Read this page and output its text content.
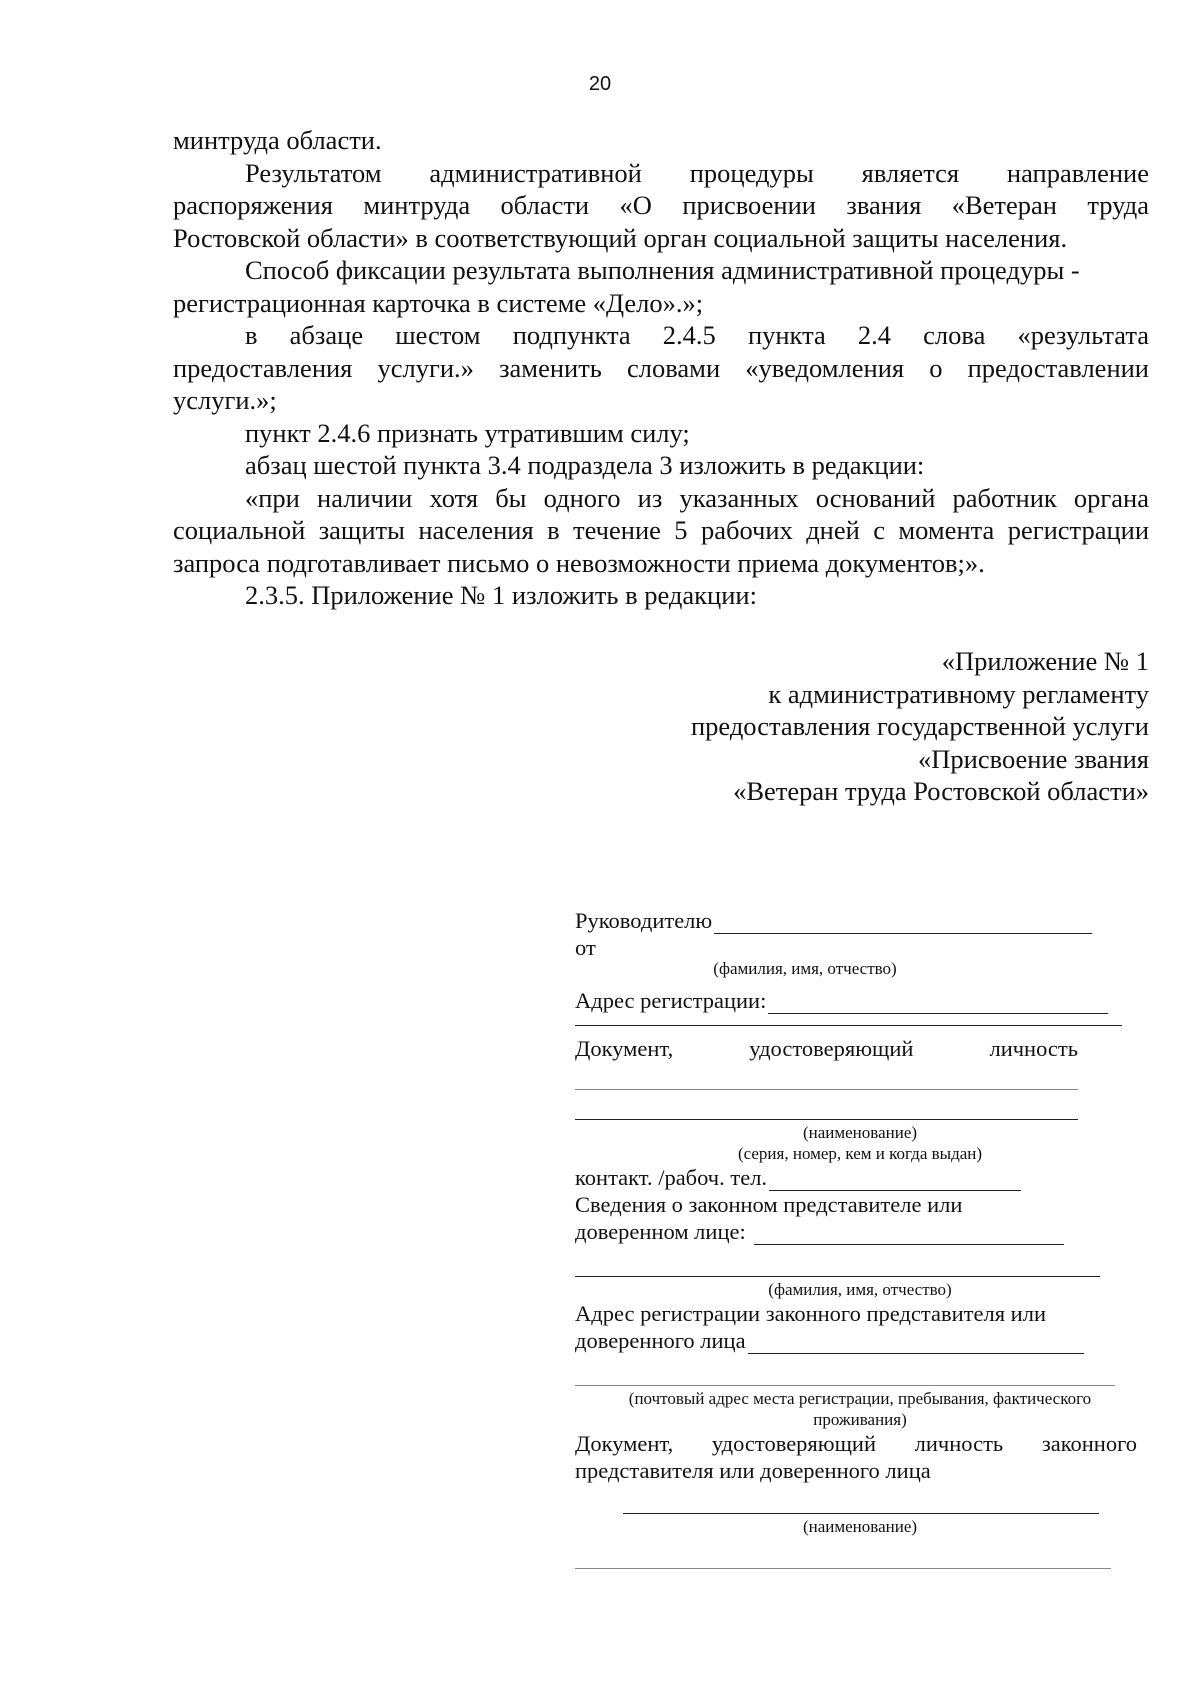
20

минтруда области.

Результатом административной процедуры является направление

распоряжения минтруда области «О присвоении звания «Ветеран труда

Ростовской области» в соответствующий орган социальной защиты населения.

Способ фиксации результата выполнения административной процедуры -

регистрационная карточка в системе «Дело».»;

в абзаце шестом подпункта 2.4.5 пункта 2.4 слова «результата

предоставления услуги.» заменить словами «уведомления о предоставлении

услуги.»;

пункт 2.4.6 признать утратившим силу;

абзац шестой пункта 3.4 подраздела 3 изложить в редакции:

«при наличии хотя бы одного из указанных оснований работник органа

социальной защиты населения в течение 5 рабочих дней с момента регистрации

запроса подготавливает письмо о невозможности приема документов;».

2.3.5. Приложение № 1 изложить в редакции:

«Приложение № 1
к административному регламенту
предоставления государственной услуги
«Присвоение звания
«Ветеран труда Ростовской области»
Руководителю
от
(фамилия, имя, отчество)
Адрес регистрации:
Документ,	удостоверяющий	личность
(наименование)
(серия, номер, кем и когда выдан)
контакт. /рабоч. тел.
Сведения о законном представителе или
доверенном лице:
(фамилия, имя, отчество)
Адрес регистрации законного представителя или
доверенного лица
(почтовый адрес места регистрации, пребывания, фактического
проживания)
Документ, удостоверяющий личность законного
представителя или доверенного лица
(наименование)
